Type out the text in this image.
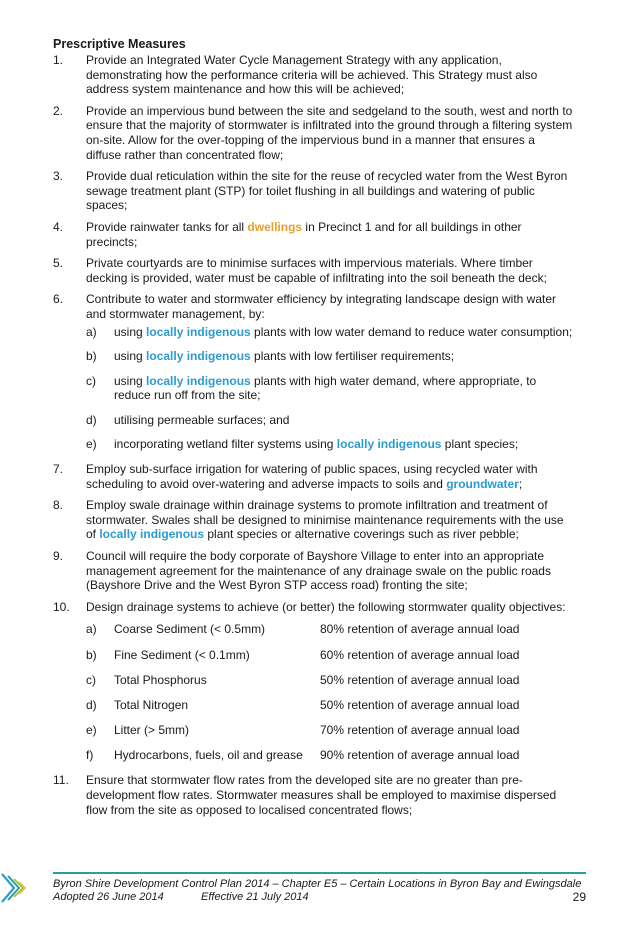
Prescriptive Measures
1.	Provide an Integrated Water Cycle Management Strategy with any application, demonstrating how the performance criteria will be achieved. This Strategy must also address system maintenance and how this will be achieved;
2.	Provide an impervious bund between the site and sedgeland to the south, west and north to ensure that the majority of stormwater is infiltrated into the ground through a filtering system on-site. Allow for the over-topping of the impervious bund in a manner that ensures a diffuse rather than concentrated flow;
3.	Provide dual reticulation within the site for the reuse of recycled water from the West Byron sewage treatment plant (STP) for toilet flushing in all buildings and watering of public spaces;
4.	Provide rainwater tanks for all dwellings in Precinct 1 and for all buildings in other precincts;
5.	Private courtyards are to minimise surfaces with impervious materials. Where timber decking is provided, water must be capable of infiltrating into the soil beneath the deck;
6.	Contribute to water and stormwater efficiency by integrating landscape design with water and stormwater management, by:
a)	using locally indigenous plants with low water demand to reduce water consumption;
b)	using locally indigenous plants with low fertiliser requirements;
c)	using locally indigenous plants with high water demand, where appropriate, to reduce run off from the site;
d)	utilising permeable surfaces; and
e)	incorporating wetland filter systems using locally indigenous plant species;
7.	Employ sub-surface irrigation for watering of public spaces, using recycled water with scheduling to avoid over-watering and adverse impacts to soils and groundwater;
8.	Employ swale drainage within drainage systems to promote infiltration and treatment of stormwater. Swales shall be designed to minimise maintenance requirements with the use of locally indigenous plant species or alternative coverings such as river pebble;
9.	Council will require the body corporate of Bayshore Village to enter into an appropriate management agreement for the maintenance of any drainage swale on the public roads (Bayshore Drive and the West Byron STP access road) fronting the site;
10.	Design drainage systems to achieve (or better) the following stormwater quality objectives:
a)	Coarse Sediment (< 0.5mm)	80% retention of average annual load
b)	Fine Sediment (< 0.1mm)	60% retention of average annual load
c)	Total Phosphorus	50% retention of average annual load
d)	Total Nitrogen	50% retention of average annual load
e)	Litter (> 5mm)	70% retention of average annual load
f)	Hydrocarbons, fuels, oil and grease	90% retention of average annual load
11.	Ensure that stormwater flow rates from the developed site are no greater than pre-development flow rates. Stormwater measures shall be employed to maximise dispersed flow from the site as opposed to localised concentrated flows;
Byron Shire Development Control Plan 2014 – Chapter E5 – Certain Locations in Byron Bay and Ewingsdale
Adopted 26 June 2014	Effective 21 July 2014	29
